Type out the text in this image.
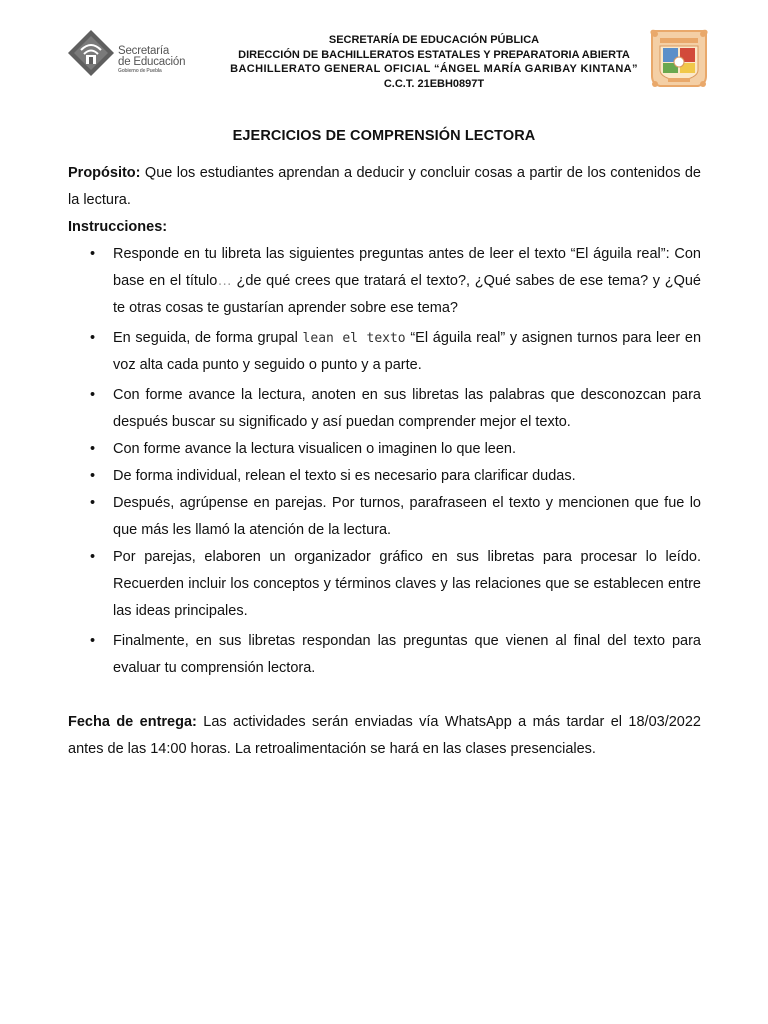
Secretaría
de Educación
Gobierno de Puebla
SECRETARÍA DE EDUCACIÓN PÚBLICA
DIRECCIÓN DE BACHILLERATOS ESTATALES Y PREPARATORIA ABIERTA
BACHILLERATO GENERAL OFICIAL “ÁNGEL MARÍA GARIBAY KINTANA”
C.C.T. 21EBH0897T
EJERCICIOS DE COMPRENSIÓN LECTORA

Propósito: Que los estudiantes aprendan a deducir y concluir cosas a partir de los contenidos de la lectura.

Instrucciones:

• Responde en tu libreta las siguientes preguntas antes de leer el texto “El águila real”: Con base en el título… ¿de qué crees que tratará el texto?, ¿Qué sabes de ese tema? y ¿Qué te otras cosas te gustarían aprender sobre ese tema?
• En seguida, de forma grupal lean el texto “El águila real” y asignen turnos para leer en voz alta cada punto y seguido o punto y a parte.
• Con forme avance la lectura, anoten en sus libretas las palabras que desconozcan para después buscar su significado y así puedan comprender mejor el texto.
• Con forme avance la lectura visualicen o imaginen lo que leen.
• De forma individual, relean el texto si es necesario para clarificar dudas.
• Después, agrúpense en parejas. Por turnos, parafraseen el texto y mencionen que fue lo que más les llamó la atención de la lectura.
• Por parejas, elaboren un organizador gráfico en sus libretas para procesar lo leído. Recuerden incluir los conceptos y términos claves y las relaciones que se establecen entre las ideas principales.
• Finalmente, en sus libretas respondan las preguntas que vienen al final del texto para evaluar tu comprensión lectora.

Fecha de entrega: Las actividades serán enviadas vía WhatsApp a más tardar el 18/03/2022 antes de las 14:00 horas. La retroalimentación se hará en las clases presenciales.
